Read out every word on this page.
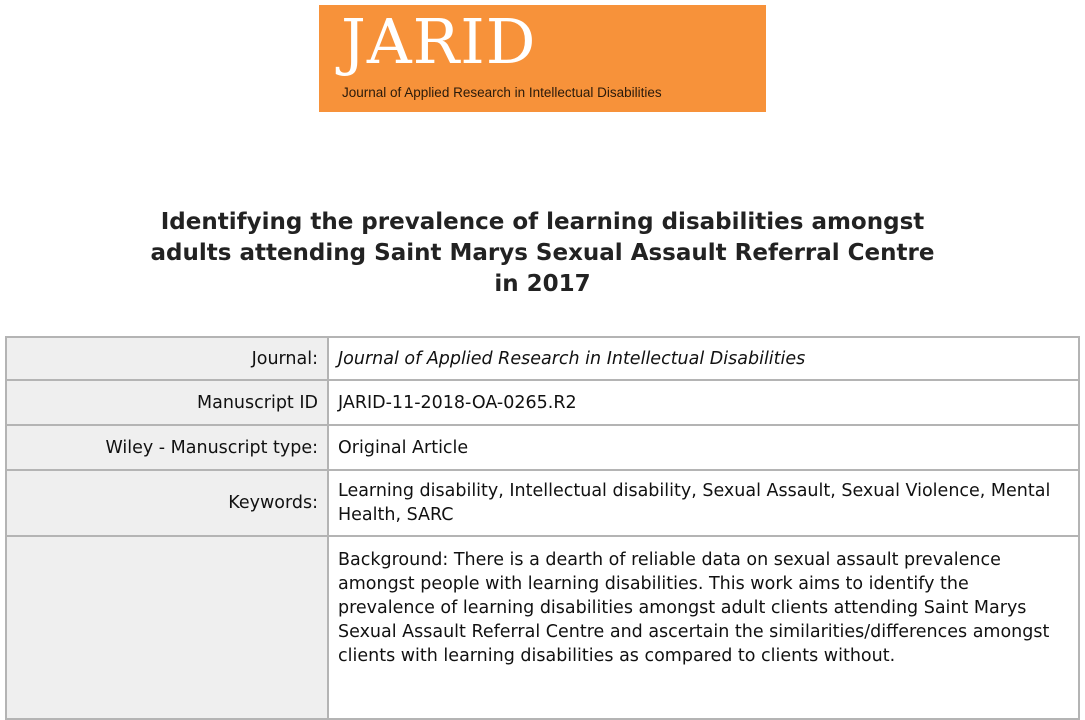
JARID
Journal of Applied Research in Intellectual Disabilities
Identifying the prevalence of learning disabilities amongst
adults attending Saint Marys Sexual Assault Referral Centre
in 2017
Journal:	Journal of Applied Research in Intellectual Disabilities
Manuscript ID	JARID-11-2018-OA-0265.R2
Wiley - Manuscript type:	Original Article
Keywords:	Learning disability, Intellectual disability, Sexual Assault, Sexual Violence, Mental Health, SARC
	Background: There is a dearth of reliable data on sexual assault prevalence amongst people with learning disabilities. This work aims to identify the prevalence of learning disabilities amongst adult clients attending Saint Marys Sexual Assault Referral Centre and ascertain the similarities/differences amongst clients with learning disabilities as compared to clients without.
